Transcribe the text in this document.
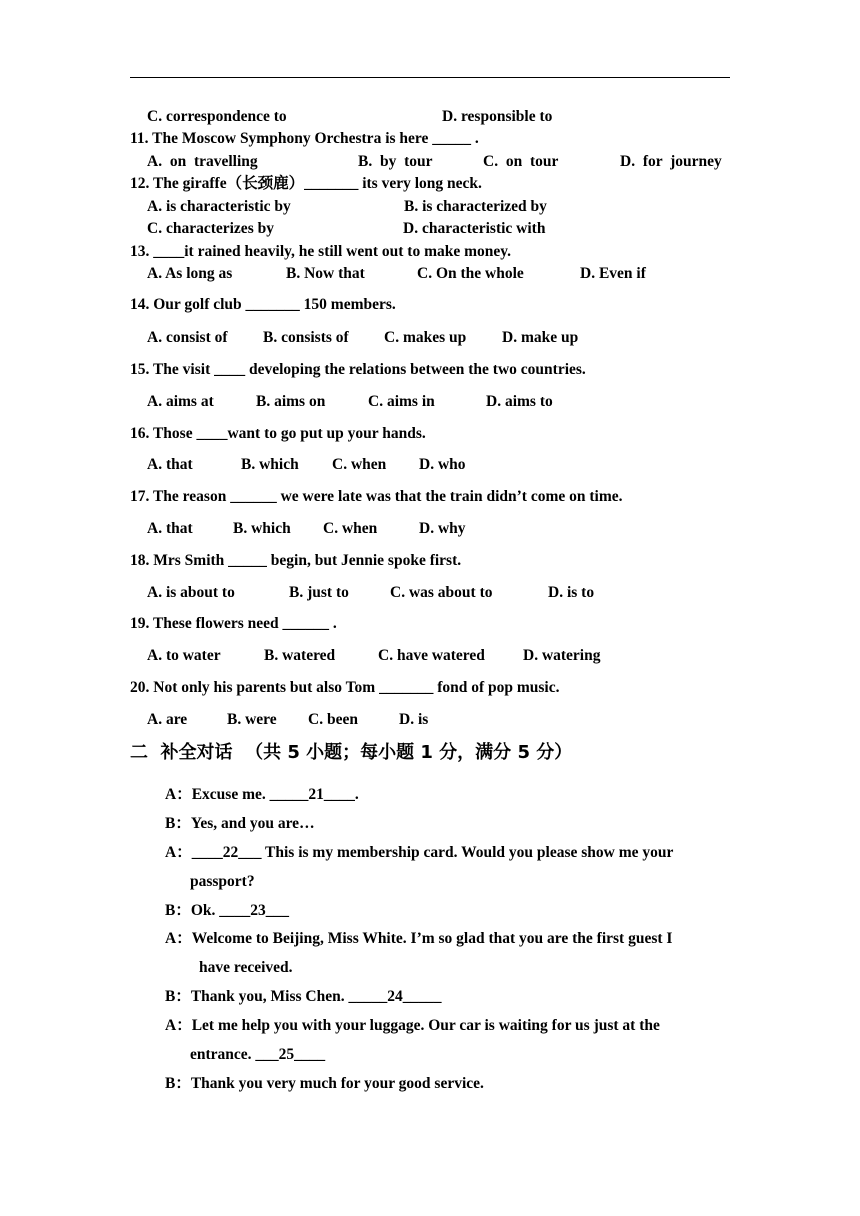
C. correspondence to	D. responsible to
11. The Moscow Symphony Orchestra is here _____ .
A.  on  travelling	B.  by  tour	C.  on  tour	D.  for  journey
12. The giraffe（长颈鹿）_______ its very long neck.
A. is characteristic by	B. is characterized by
C. characterizes by	D. characteristic with
13. ____it rained heavily, he still went out to make money.
A. As long as	B. Now that	C. On the whole	D. Even if
14. Our golf club _______ 150 members.
A. consist of B. consists of C. makes up D. make up
15. The visit ____ developing the relations between the two countries.
A. aims at	B. aims on	C. aims in	D. aims to
16. Those ____want to go put up your hands.
A. that	B. which C. when D. who
17. The reason ______ we were late was that the train didn’t come on time.
A. that	B. which C. when	D. why
18. Mrs Smith _____ begin, but Jennie spoke first.
A. is about to	B. just to	C. was about to	D. is to
19. These flowers need ______ .
A. to water	B. watered	C. have watered D. watering
20. Not only his parents but also Tom _______ fond of pop music.
A. are	B. were C. been	D. is
二  补全对话  （共 5 小题；每小题 1 分，满分 5 分）
A：Excuse me. _____21____.
B：Yes, and you are…
A：____22___ This is my membership card. Would you please show me your
passport?
B：Ok. ____23___
A：Welcome to Beijing, Miss White. I’m so glad that you are the first guest I
have received.
B：Thank you, Miss Chen. _____24_____
A：Let me help you with your luggage. Our car is waiting for us just at the
entrance. ___25____
B：Thank you very much for your good service.
